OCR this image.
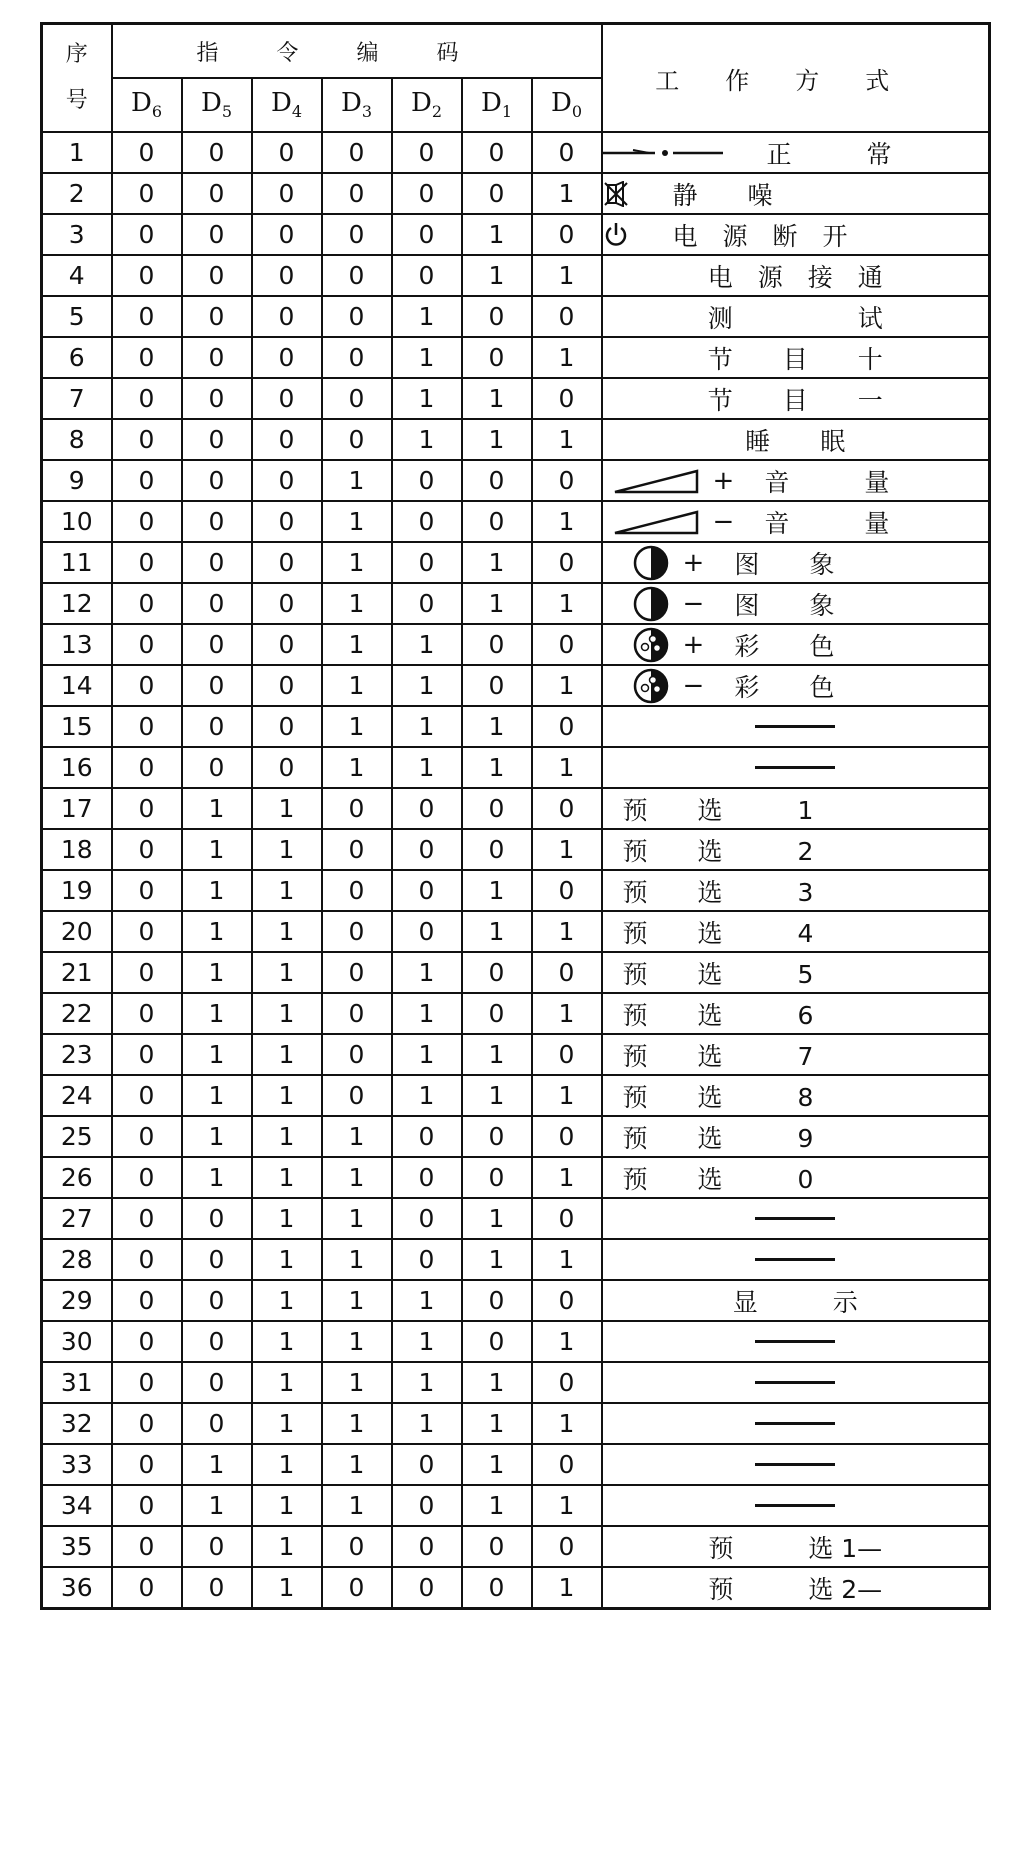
序号	指令编码							工作方式
	$D_6$	$D_5$	$D_4$	$D_3$	$D_2$	$D_1$	$D_0$
1	0	0	0	0	0	0	0	正　　　常

2	0	0	0	0	0	0	1	静　　噪

3	0	0	0	0	0	1	0	电　源　断　开

4	0	0	0	0	0	1	1	电　源　接　通

5	0	0	0	0	1	0	0	测　　　　　试

6	0	0	0	0	1	0	1	节　　目　　十

7	0	0	0	0	1	1	0	节　　目　　一

8	0	0	0	0	1	1	1	睡　　眠

9	0	0	0	1	0	0	0	+ 音　　　量

10	0	0	0	1	0	0	1	− 音　　　量

11	0	0	0	1	0	1	0	+ 图　　象

12	0	0	0	1	0	1	1	− 图　　象

13	0	0	0	1	1	0	0	+ 彩　　色

14	0	0	0	1	1	0	1	− 彩　　色

15	0	0	0	1	1	1	0	

16	0	0	0	1	1	1	1	

17	0	1	1	0	0	0	0	预　　选　　　1

18	0	1	1	0	0	0	1	预　　选　　　2

19	0	1	1	0	0	1	0	预　　选　　　3

20	0	1	1	0	0	1	1	预　　选　　　4

21	0	1	1	0	1	0	0	预　　选　　　5

22	0	1	1	0	1	0	1	预　　选　　　6

23	0	1	1	0	1	1	0	预　　选　　　7

24	0	1	1	0	1	1	1	预　　选　　　8

25	0	1	1	1	0	0	0	预　　选　　　9

26	0	1	1	1	0	0	1	预　　选　　　0

27	0	0	1	1	0	1	0	

28	0	0	1	1	0	1	1	

29	0	0	1	1	1	0	0	显　　　示

30	0	0	1	1	1	0	1	

31	0	0	1	1	1	1	0	

32	0	0	1	1	1	1	1	

33	0	1	1	1	0	1	0	

34	0	1	1	1	0	1	1	

35	0	0	1	0	0	0	0	预　　　选 1—

36	0	0	1	0	0	0	1	预　　　选 2—
